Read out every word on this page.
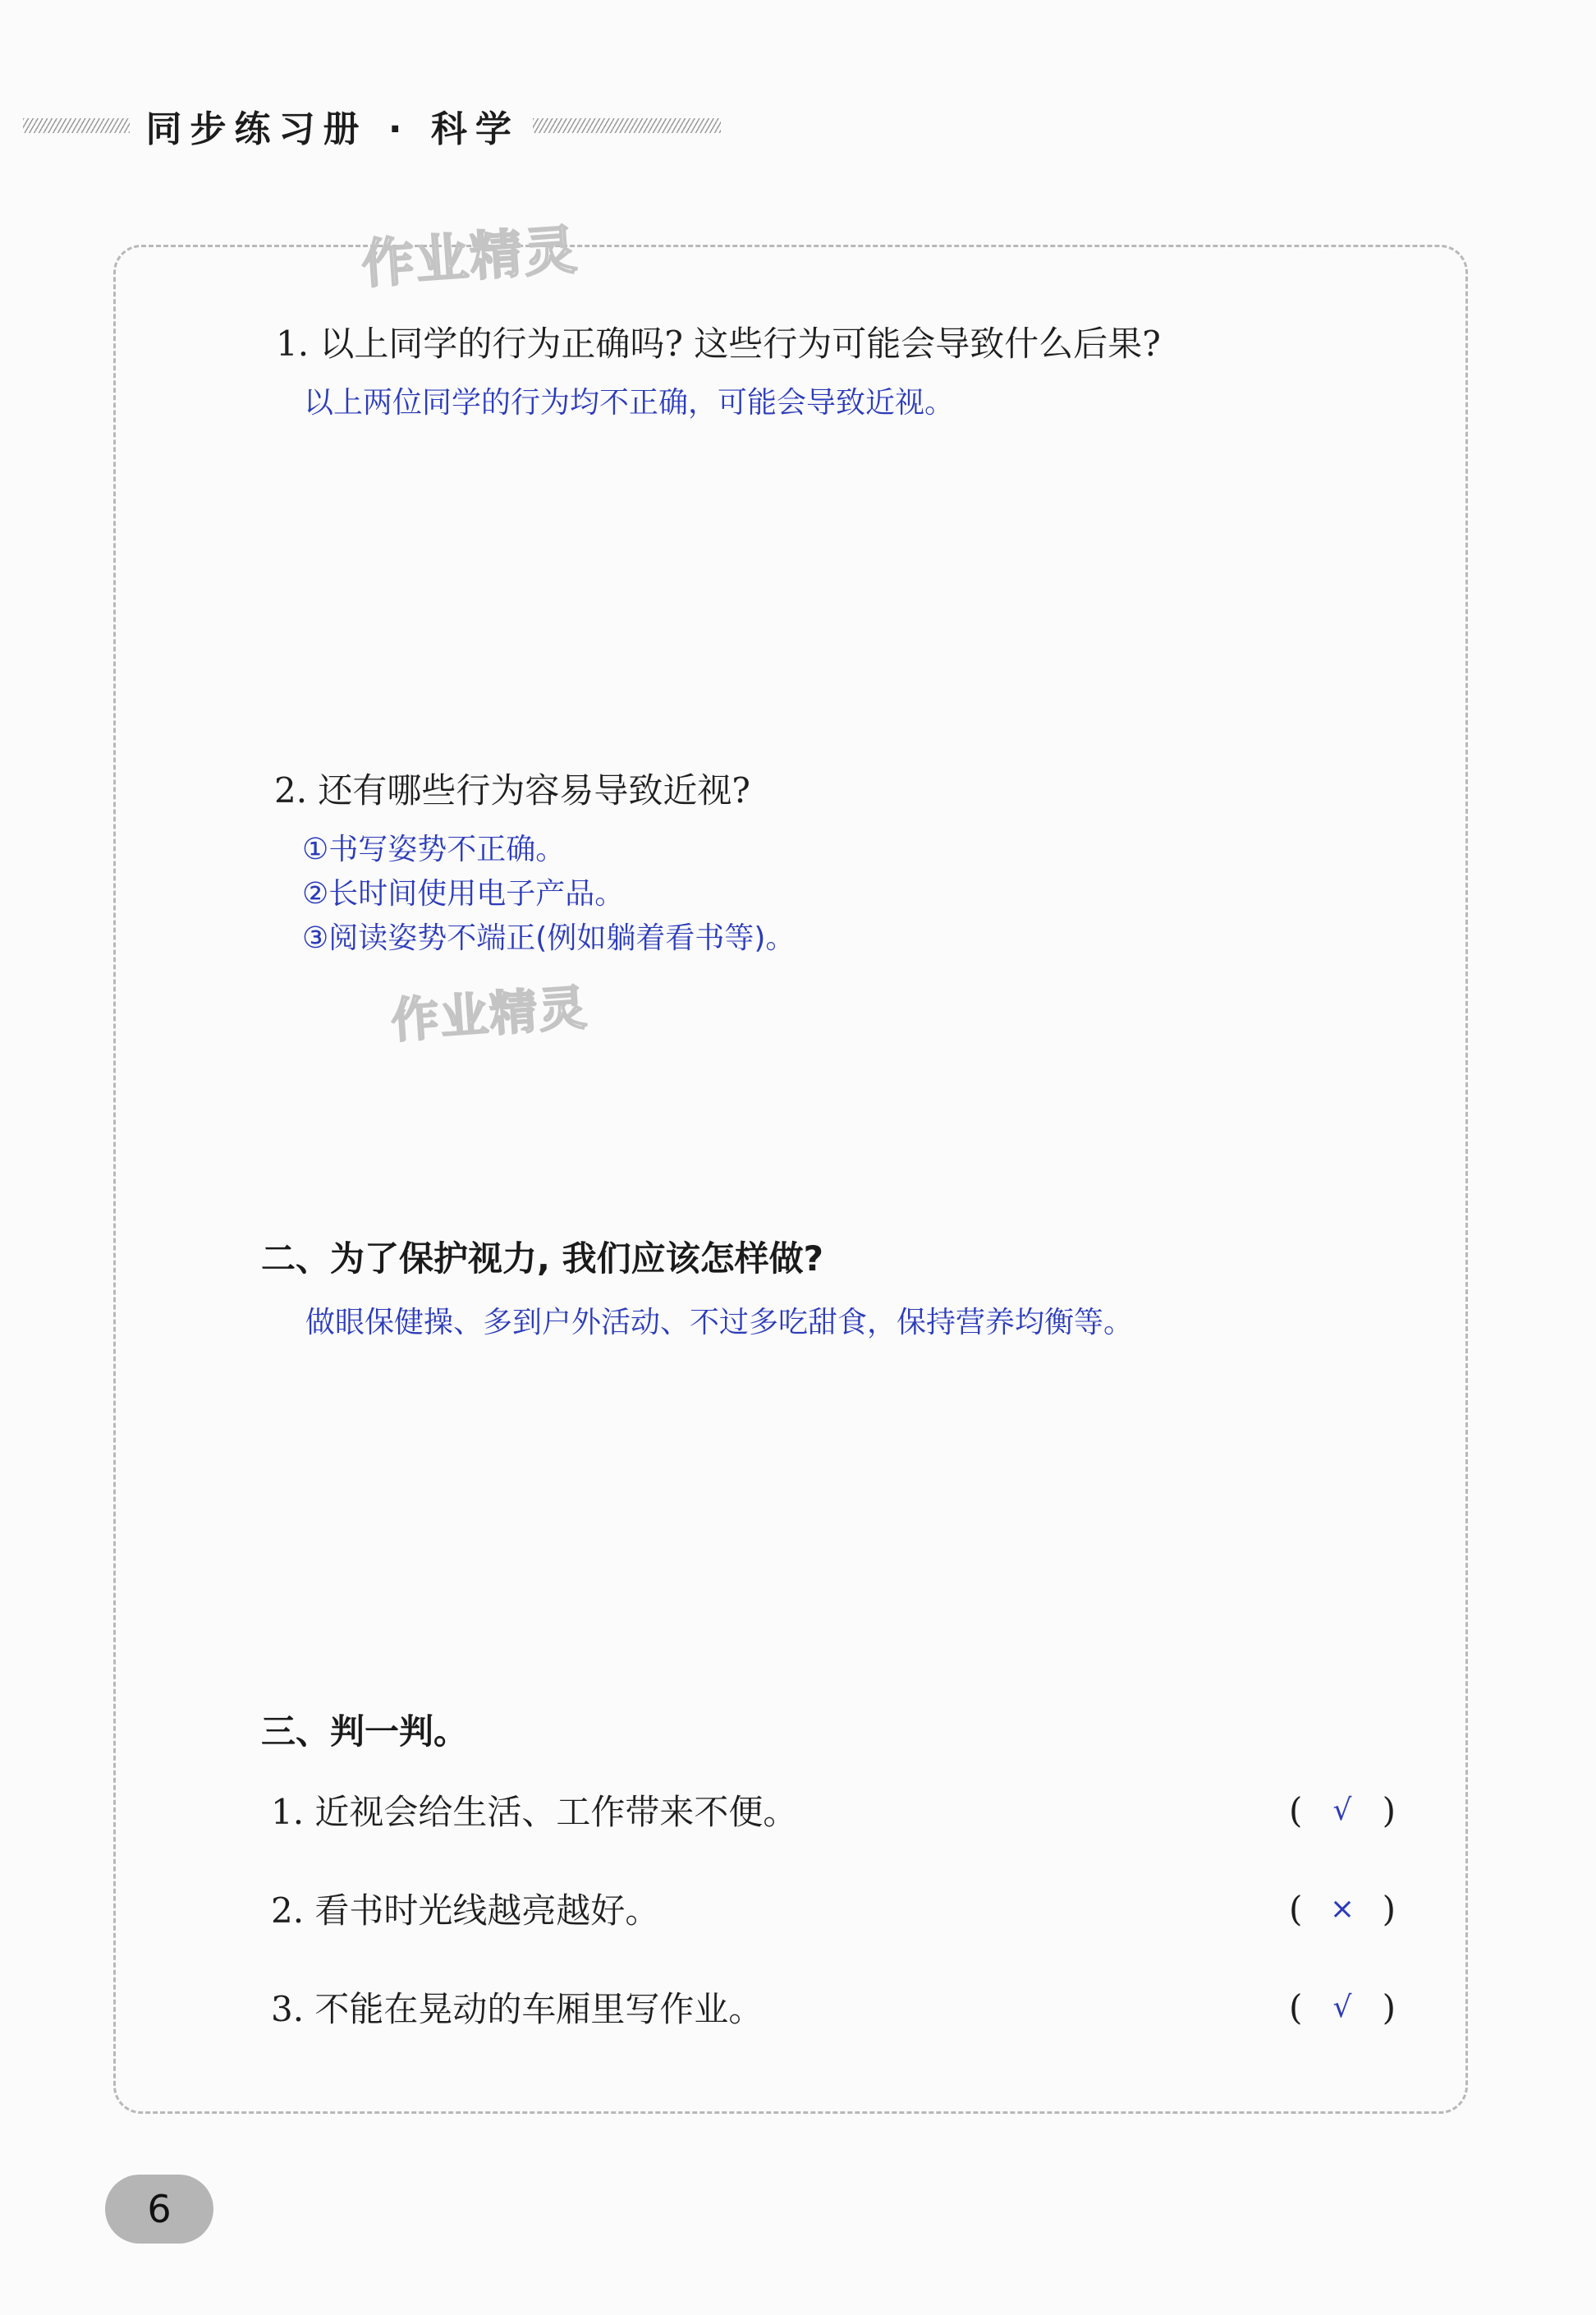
同步练习册 · 科学
作业精灵
作业精灵
1. 以上同学的行为正确吗? 这些行为可能会导致什么后果?
以上两位同学的行为均不正确，可能会导致近视。
2. 还有哪些行为容易导致近视?
①书写姿势不正确。
②长时间使用电子产品。
③阅读姿势不端正(例如躺着看书等)。
二、为了保护视力, 我们应该怎样做?
做眼保健操、多到户外活动、不过多吃甜食，保持营养均衡等。
三、判一判。
1. 近视会给生活、工作带来不便。	( √ )
2. 看书时光线越亮越好。	( × )
3. 不能在晃动的车厢里写作业。	( √ )
6
